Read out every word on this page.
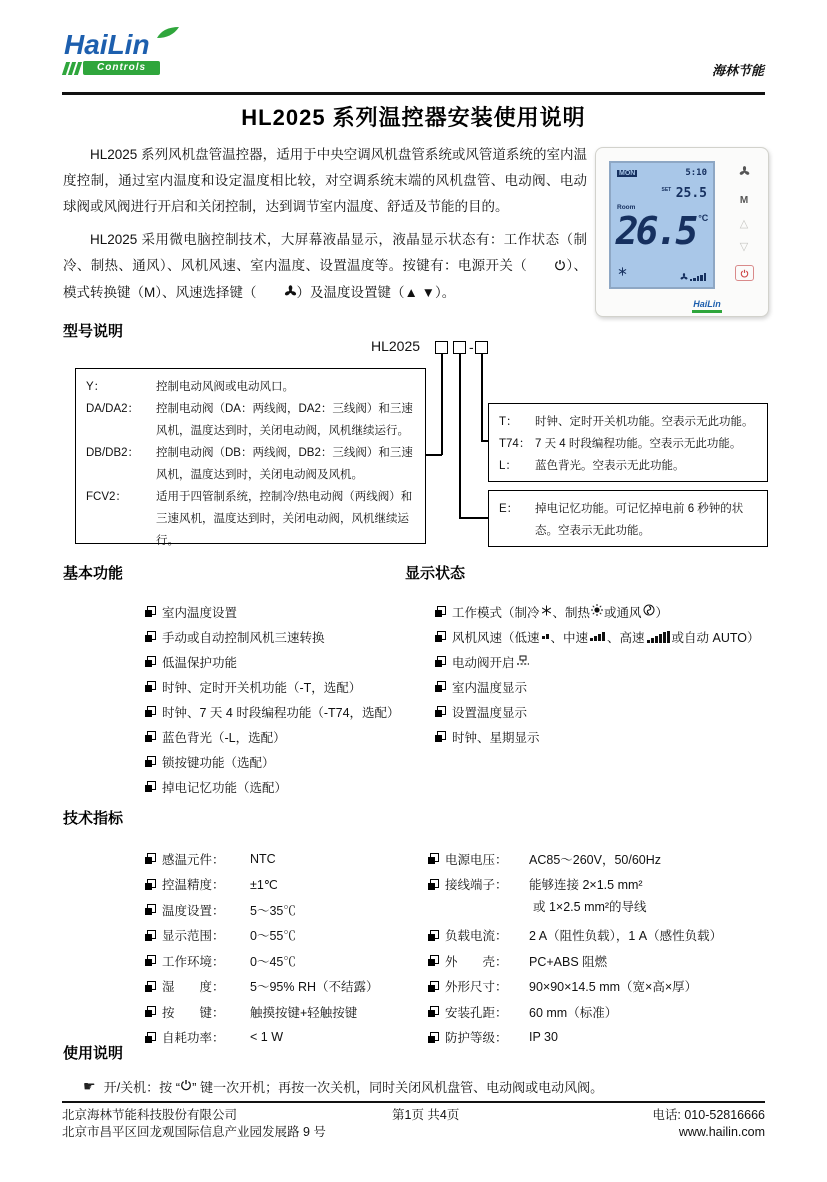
HaiLin
Controls	海林节能
HL2025 系列温控器安装使用说明

HL2025 系列风机盘管温控器，适用于中央空调风机盘管系统或风管道系统的室内温度控制，通过室内温度和设定温度相比较，对空调系统末端的风机盘管、电动阀、电动球阀或风阀进行开启和关闭控制，达到调节室内温度、舒适及节能的目的。

HL2025 采用微电脑控制技术，大屏幕液晶显示，液晶显示状态有：工作状态（制冷、制热、通风）、风机风速、室内温度、设置温度等。按键有：电源开关（	）、模式转换键（M）、风速选择键（	）及温度设置键（▲ ▼）。

MON	5:10
$^{SET}$ 25.5
Room
26.5 °C
M
△
▽
HaiLin
型号说明
HL2025	-
Y：	控制电动风阀或电动风口。
DA/DA2：	控制电动阀（DA：两线阀，DA2：三线阀）和三速风机，温度达到时，关闭电动阀，风机继续运行。
DB/DB2：	控制电动阀（DB：两线阀，DB2：三线阀）和三速风机，温度达到时，关闭电动阀及风机。
FCV2：	适用于四管制系统，控制冷/热电动阀（两线阀）和三速风机，温度达到时，关闭电动阀，风机继续运行。
T：	时钟、定时开关机功能。空表示无此功能。
T74： 7 天 4 时段编程功能。空表示无此功能。
L：	蓝色背光。空表示无此功能。
E：	掉电记忆功能。可记忆掉电前 6 秒钟的状态。空表示无此功能。
基本功能
室内温度设置
手动或自动控制风机三速转换
低温保护功能
时钟、定时开关机功能（-T，选配）
时钟、7 天 4 时段编程功能（-T74，选配）
蓝色背光（-L，选配）
锁按键功能（选配）
掉电记忆功能（选配）
显示状态
工作模式（制冷 、制热 或通风 ）
风机风速（低速 、中速 、高速 或自动 AUTO）
电动阀开启
室内温度显示
设置温度显示
时钟、星期显示
技术指标
感温元件：	NTC
控温精度：	±1℃
温度设置：	5～35℃
显示范围：	0～55℃
工作环境：	0～45℃
湿　　度：	5～95% RH（不结露）
按　　键：	触摸按键+轻触按键
自耗功率：	< 1 W
电源电压：	AC85～260V，50/60Hz
接线端子：	能够连接 2×1.5 mm²
或 1×2.5 mm²的导线
负载电流：	2 A（阻性负载），1 A（感性负载）
外　　壳：	PC+ABS 阻燃
外形尺寸：	90×90×14.5 mm（宽×高×厚）
安装孔距：	60 mm（标准）
防护等级：	IP 30
使用说明
☛ 开/关机：按 “ ” 键一次开机；再按一次关机，同时关闭风机盘管、电动阀或电动风阀。
北京海林节能科技股份有限公司
北京市昌平区回龙观国际信息产业园发展路 9 号
第1页 共4页	电话: 010-52816666
www.hailin.com
